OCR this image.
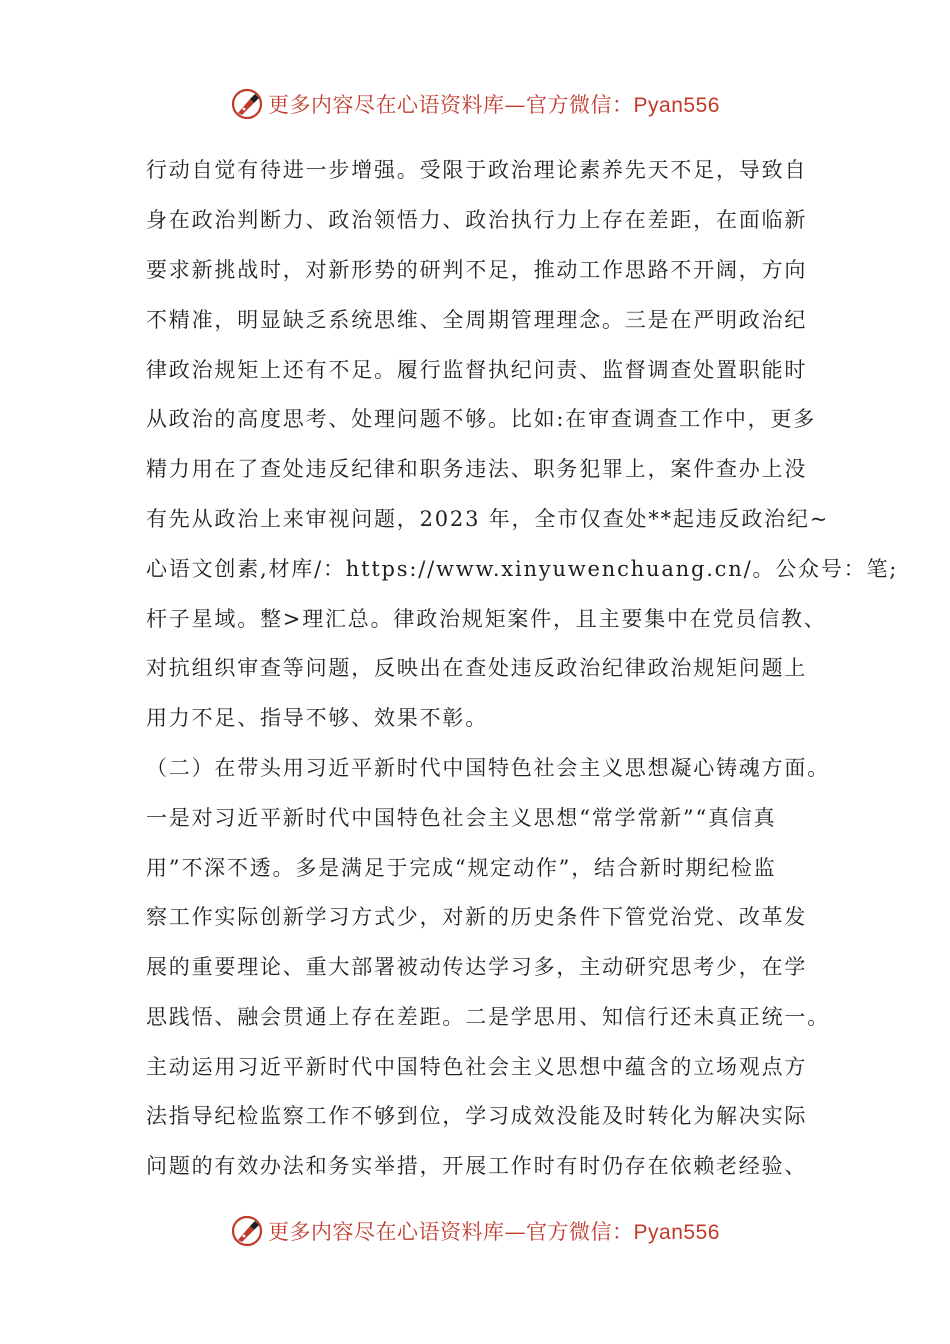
更多内容尽在心语资料库—官方微信：Pyan556
行动自觉有待进一步增强。受限于政治理论素养先天不足，导致自
身在政治判断力、政治领悟力、政治执行力上存在差距，在面临新
要求新挑战时，对新形势的研判不足，推动工作思路不开阔，方向
不精准，明显缺乏系统思维、全周期管理理念。三是在严明政治纪
律政治规矩上还有不足。履行监督执纪问责、监督调查处置职能时
从政治的高度思考、处理问题不够。比如:在审查调查工作中，更多
精力用在了查处违反纪律和职务违法、职务犯罪上，案件查办上没
有先从政治上来审视问题，2023 年，全市仅查处**起违反政治纪~
心语文创素,材库/：https://www.xinyuwenchuang.cn/。公众号：笔;
杆子星域。整>理汇总。律政治规矩案件，且主要集中在党员信教、
对抗组织审查等问题，反映出在查处违反政治纪律政治规矩问题上
用力不足、指导不够、效果不彰。
（二）在带头用习近平新时代中国特色社会主义思想凝心铸魂方面。
一是对习近平新时代中国特色社会主义思想“常学常新”“真信真
用”不深不透。多是满足于完成“规定动作”，结合新时期纪检监
察工作实际创新学习方式少，对新的历史条件下管党治党、改革发
展的重要理论、重大部署被动传达学习多，主动研究思考少，在学
思践悟、融会贯通上存在差距。二是学思用、知信行还未真正统一。
主动运用习近平新时代中国特色社会主义思想中蕴含的立场观点方
法指导纪检监察工作不够到位，学习成效没能及时转化为解决实际
问题的有效办法和务实举措，开展工作时有时仍存在依赖老经验、
更多内容尽在心语资料库—官方微信：Pyan556
